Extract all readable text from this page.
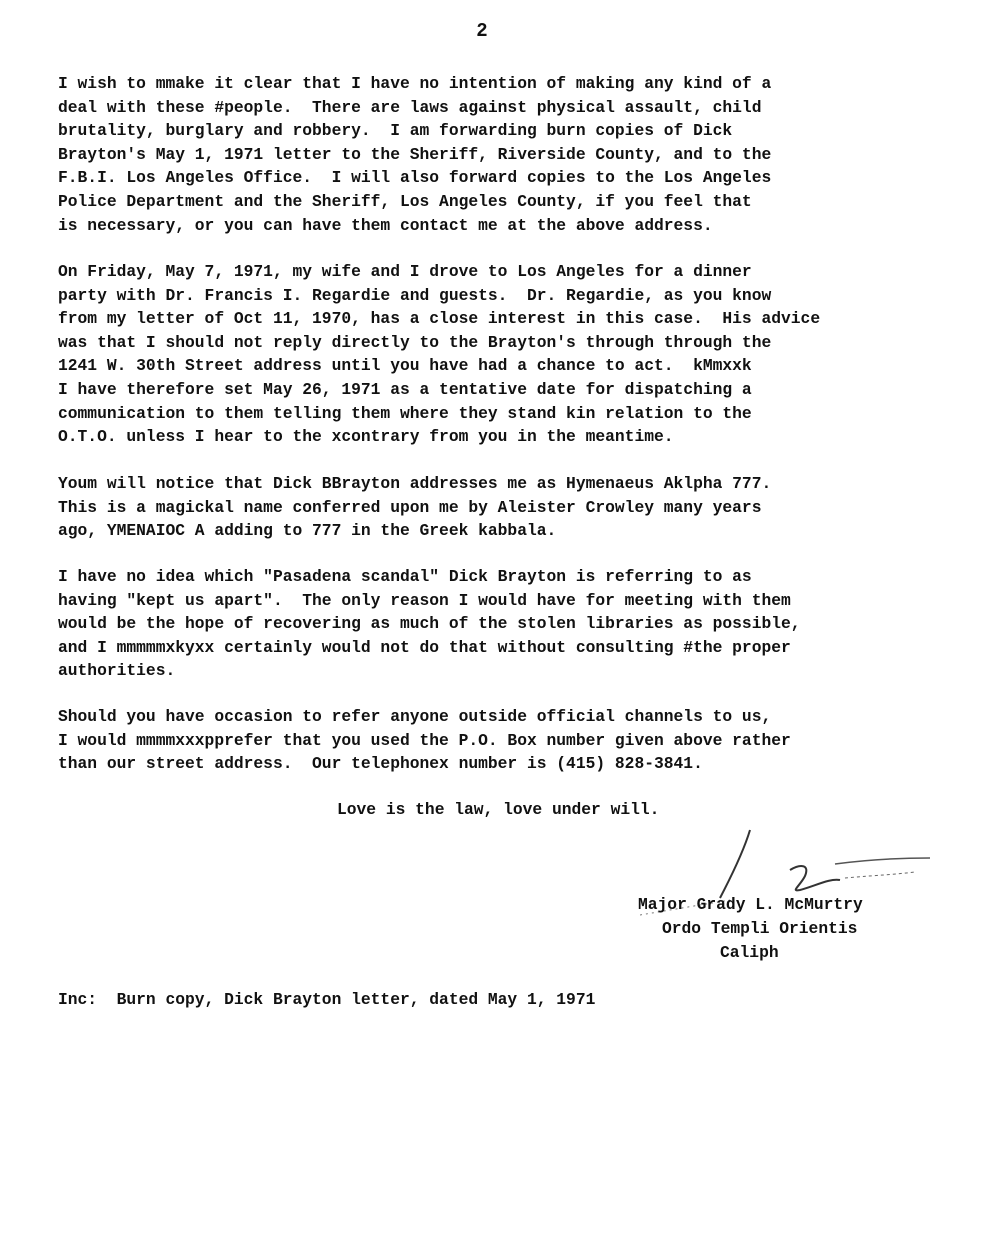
2
I wish to mmake it clear that I have no intention of making any kind of a
deal with these #people.  There are laws against physical assault, child
brutality, burglary and robbery.  I am forwarding burn copies of Dick
Brayton's May 1, 1971 letter to the Sheriff, Riverside County, and to the
F.B.I. Los Angeles Office.  I will also forward copies to the Los Angeles
Police Department and the Sheriff, Los Angeles County, if you feel that
is necessary, or you can have them contact me at the above address.
On Friday, May 7, 1971, my wife and I drove to Los Angeles for a dinner
party with Dr. Francis I. Regardie and guests.  Dr. Regardie, as you know
from my letter of Oct 11, 1970, has a close interest in this case.  His advice
was that I should not reply directly to the Brayton's through through the
1241 W. 30th Street address until you have had a chance to act.  kMmxxk
I have therefore set May 26, 1971 as a tentative date for dispatching a
communication to them telling them where they stand kin relation to the
O.T.O. unless I hear to the xcontrary from you in the meantime.
Youm will notice that Dick BBrayton addresses me as Hymenaeus Aklpha 777.
This is a magickal name conferred upon me by Aleister Crowley many years
ago, YMENAIOC A adding to 777 in the Greek kabbala.
I have no idea which "Pasadena scandal" Dick Brayton is referring to as
having "kept us apart".  The only reason I would have for meeting with them
would be the hope of recovering as much of the stolen libraries as possible,
and I mmmmmxkyxx certainly would not do that without consulting #the proper
authorities.
Should you have occasion to refer anyone outside official channels to us,
I would mmmmxxxpprefer that you used the P.O. Box number given above rather
than our street address.  Our telephonex number is (415) 828-3841.
Love is the law, love under will.
Major Grady L. McMurtry
Ordo Templi Orientis
Caliph
Inc:  Burn copy, Dick Brayton letter, dated May 1, 1971
